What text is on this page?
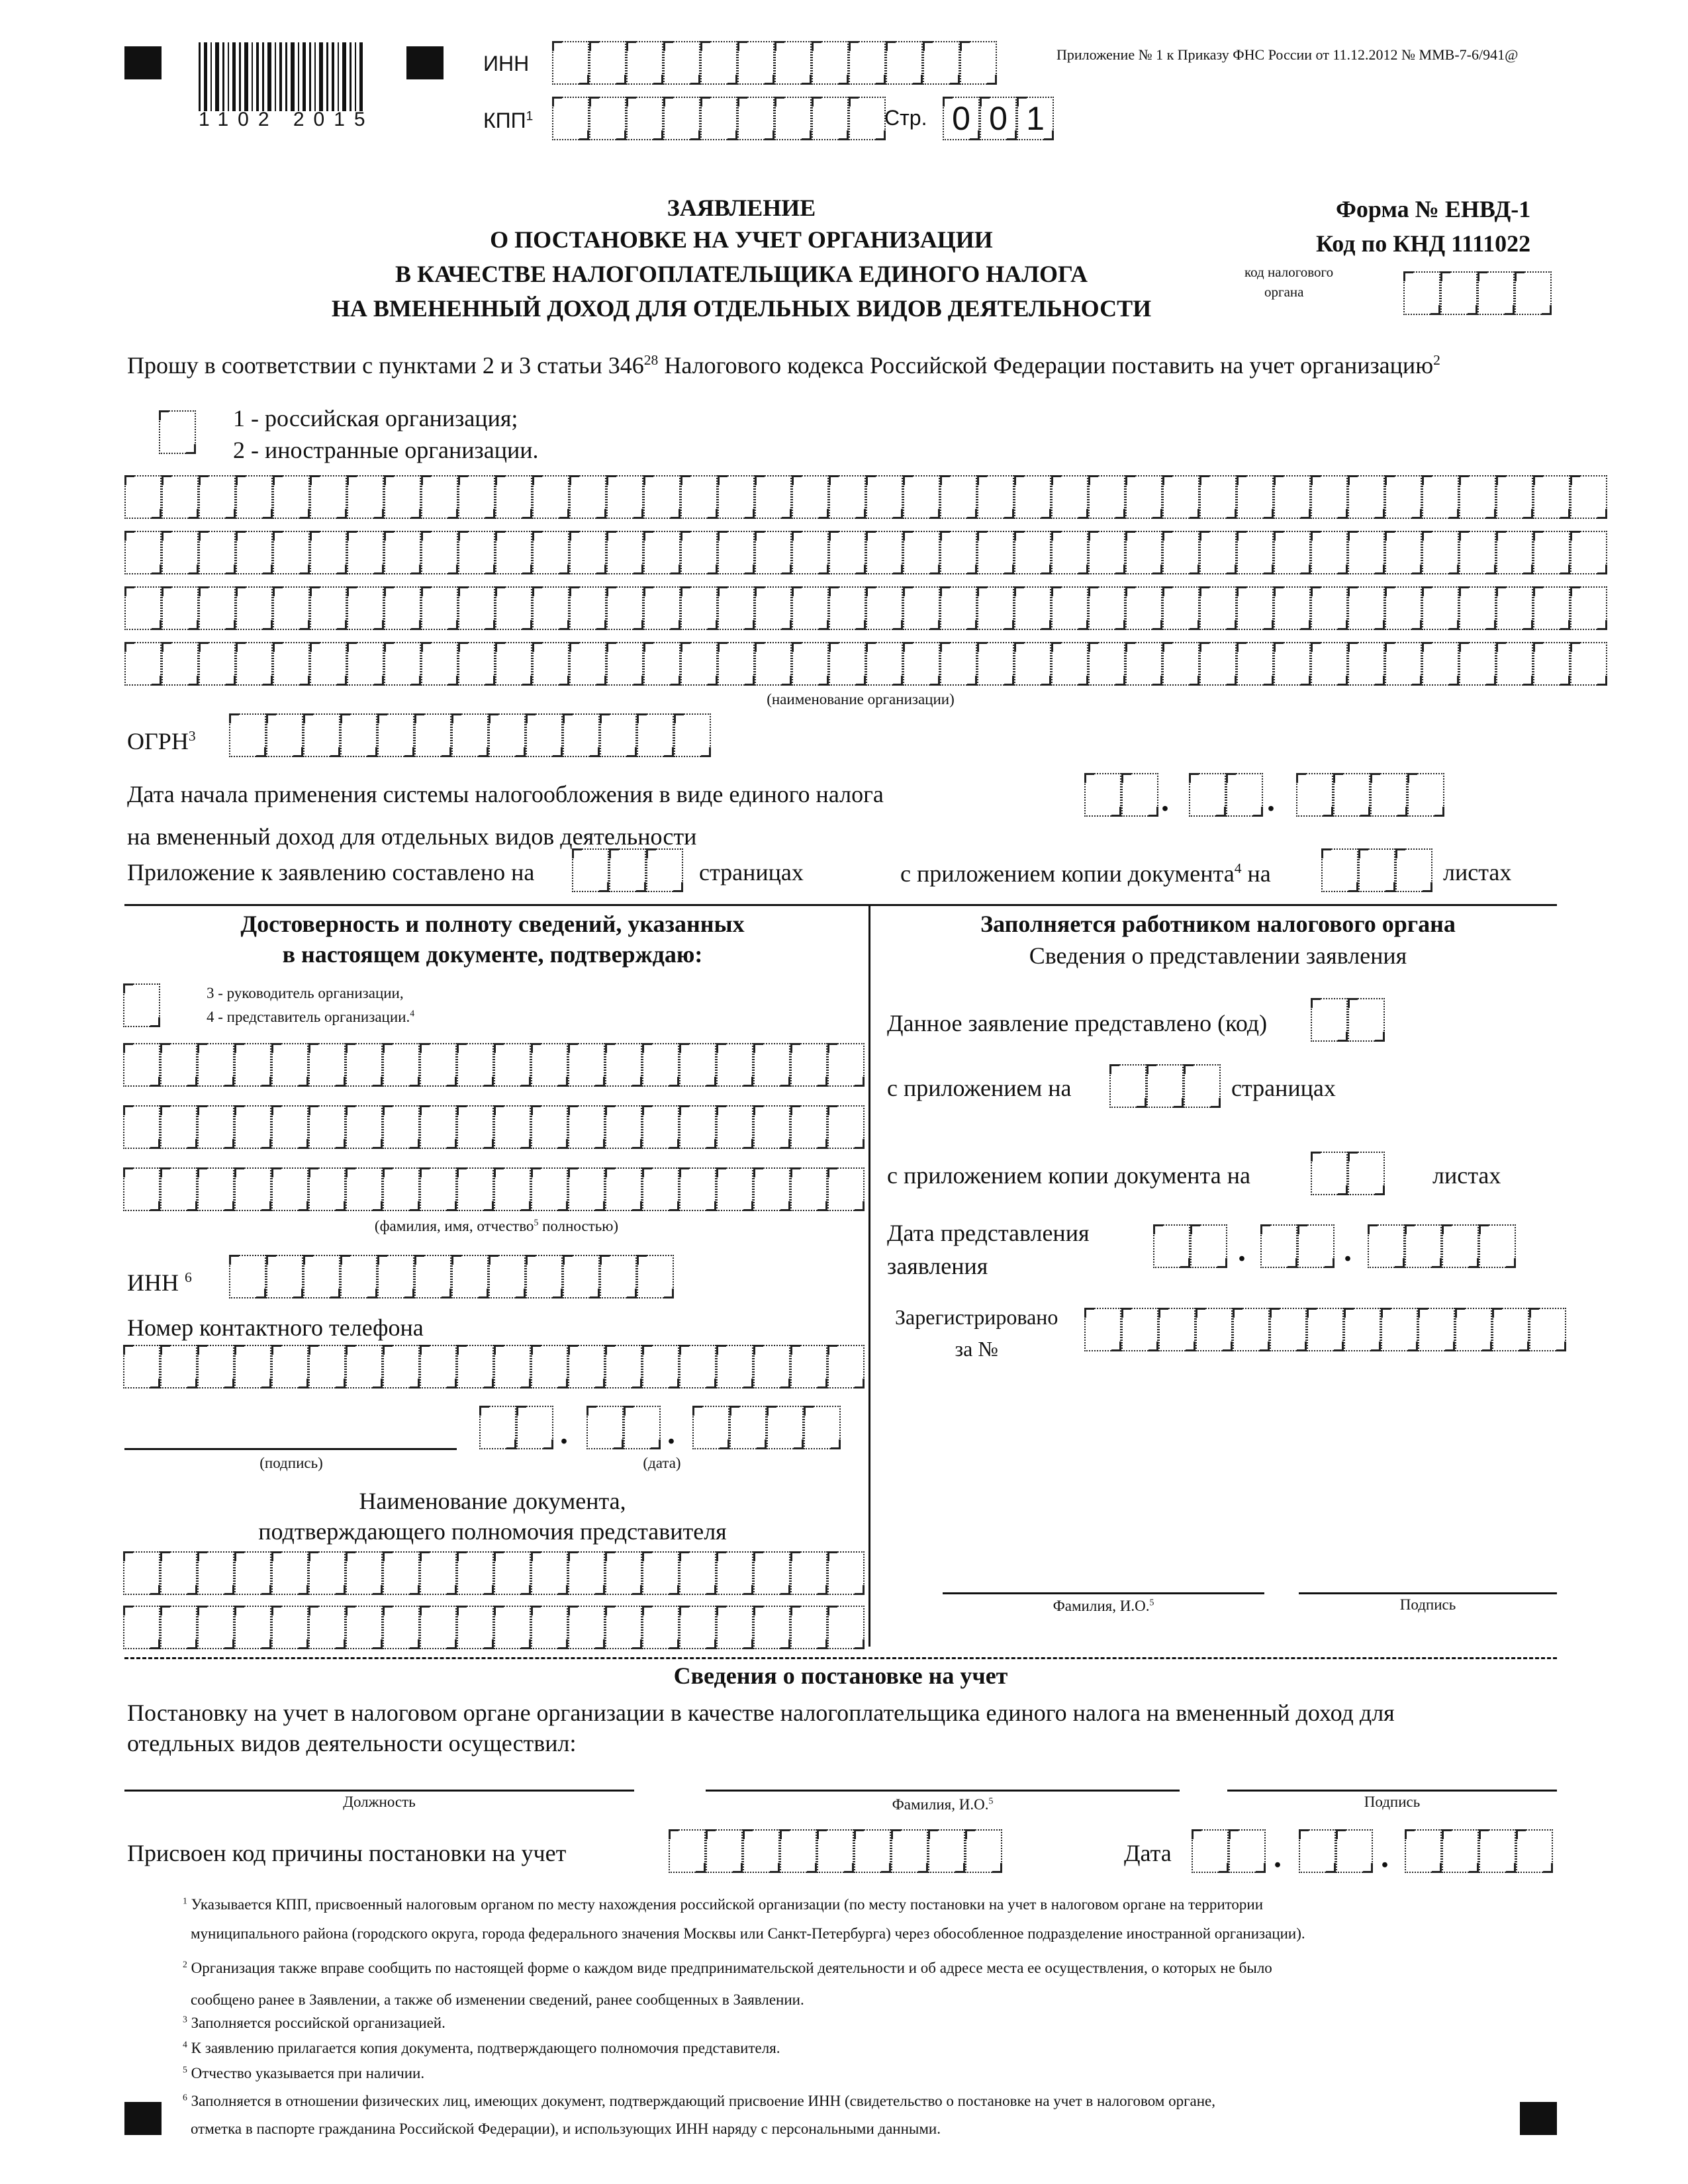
1102 2015
ИНН
КПП$^1$	Стр. 0 0 1
Приложение № 1 к Приказу ФНС России от 11.12.2012 № ММВ-7-6/941@
ЗАЯВЛЕНИЕ
О ПОСТАНОВКЕ НА УЧЕТ ОРГАНИЗАЦИИ
В КАЧЕСТВЕ НАЛОГОПЛАТЕЛЬЩИКА ЕДИНОГО НАЛОГА
НА ВМЕНЕННЫЙ ДОХОД ДЛЯ ОТДЕЛЬНЫХ ВИДОВ ДЕЯТЕЛЬНОСТИ
Форма № ЕНВД-1
Код по КНД 1111022
код налогового
органа
Прошу в соответствии с пунктами 2 и 3 статьи $346^{28}$ Налогового кодекса Российской Федерации поставить на учет организацию$^2$
1 - российская организация;
2 - иностранные организации.
(наименование организации)
ОГРН$^3$
Дата начала применения системы налогообложения в виде единого налога
на вмененный доход для отдельных видов деятельности
.	.
Приложение к заявлению составлено на	страницах	с приложением копии документа$^4$ на	листах
Достоверность и полноту сведений, указанных
в настоящем документе, подтверждаю:
3 - руководитель организации,
4 - представитель организации.$^4$
(фамилия, имя, отчество$^5$ полностью)
ИНН $^6$
Номер контактного телефона
(подпись)
.	.
(дата)
Наименование документа,
подтверждающего полномочия представителя
Заполняется работником налогового органа
Сведения о представлении заявления
Данное заявление представлено (код)
с приложением на	страницах
с приложением копии документа на	листах
Дата представления
заявления	.	.
Зарегистрировано
за №
Фамилия, И.О.$^5$	Подпись
Сведения о постановке на учет
Постановку на учет в налоговом органе организации в качестве налогоплательщика единого налога на вмененный доход для
отедльных видов деятельности осуществил:
Должность	Фамилия, И.О.$^5$	Подпись
Присвоен код причины постановки на учет	Дата	.	.
$^1$ Указывается КПП, присвоенный налоговым органом по месту нахождения российской организации (по месту постановки на учет в налоговом органе на территории
муниципального района (городского округа, города федерального значения Москвы или Санкт-Петербурга) через обособленное подразделение иностранной организации).
$^2$ Организация также вправе сообщить по настоящей форме о каждом виде предпринимательской деятельности и об адресе места ее осуществления, о которых не было
сообщено ранее в Заявлении, а также об изменении сведений, ранее сообщенных в Заявлении.
$^3$ Заполняется российской организацией.
$^4$ К заявлению прилагается копия документа, подтверждающего полномочия представителя.
$^5$ Отчество указывается при наличии.
$^6$ Заполняется в отношении физических лиц, имеющих документ, подтверждающий присвоение ИНН (свидетельство о постановке на учет в налоговом органе,
отметка в паспорте гражданина Российской Федерации), и использующих ИНН наряду с персональными данными.
